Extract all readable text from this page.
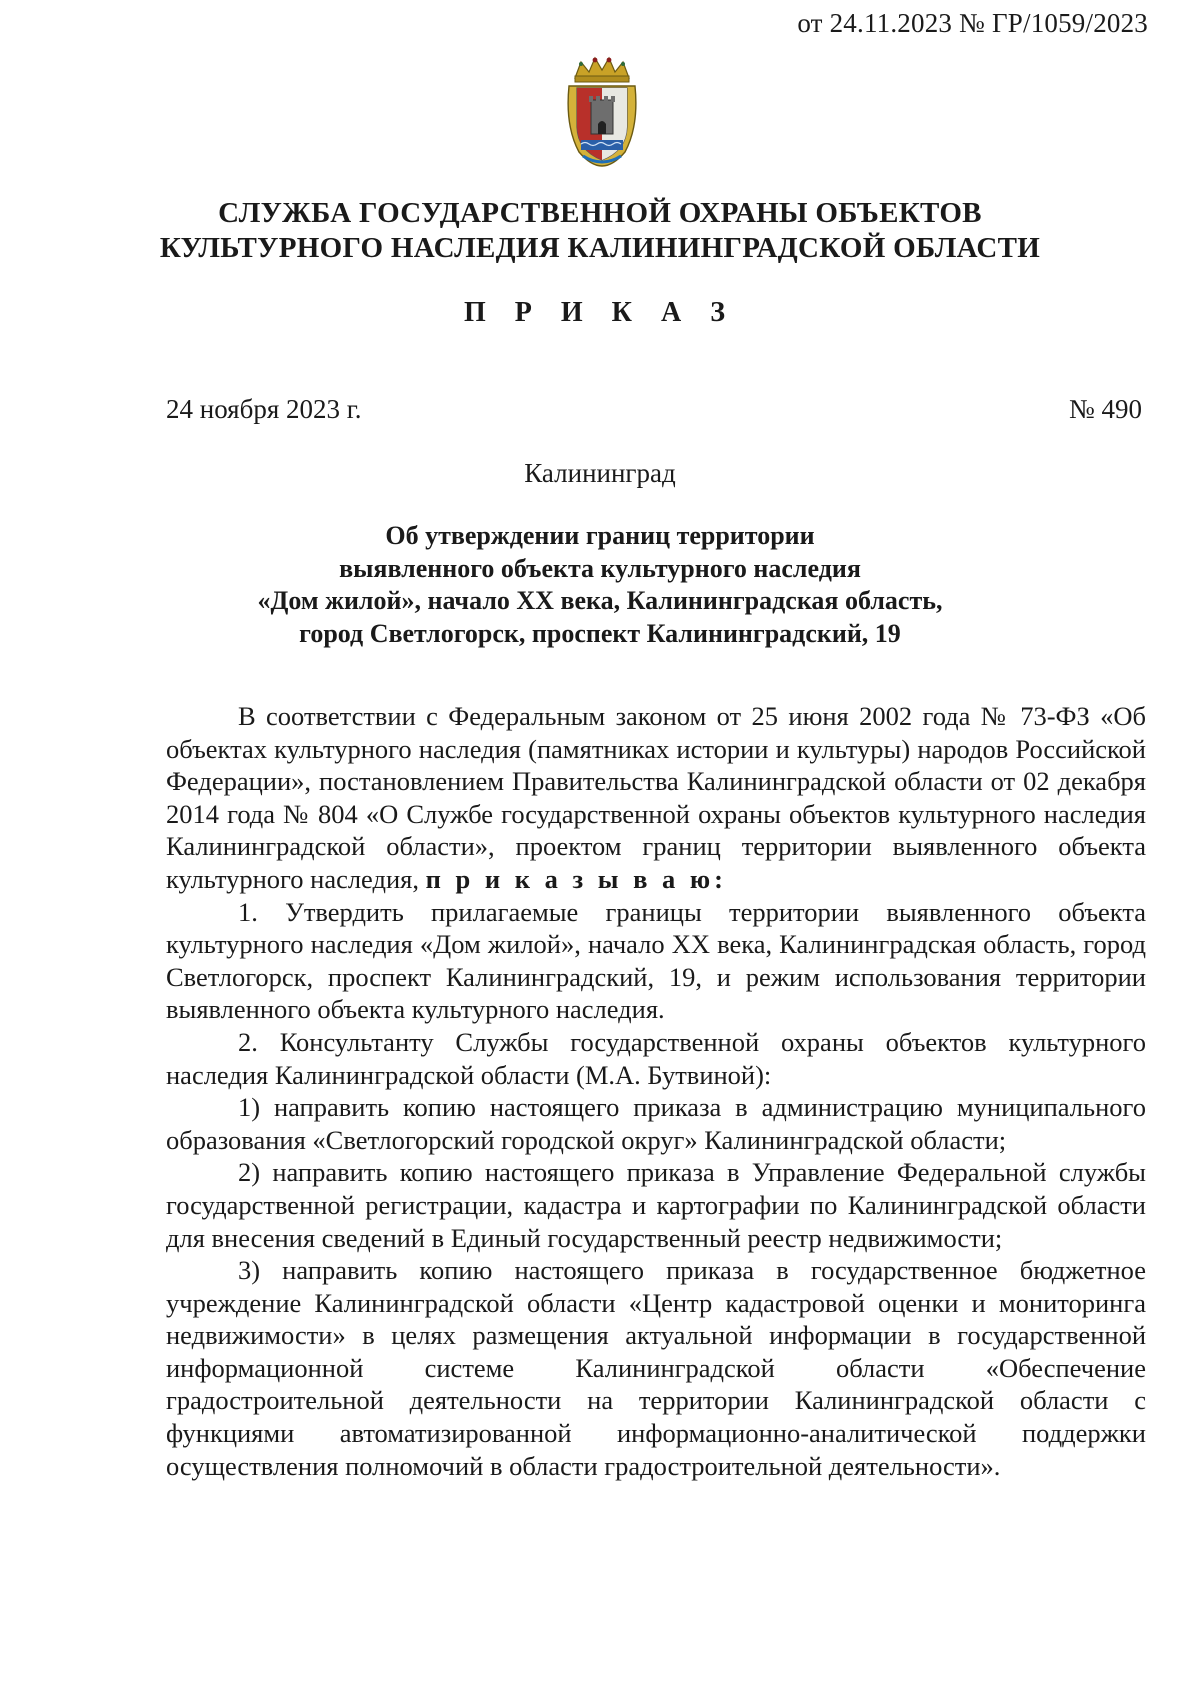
от 24.11.2023 № ГР/1059/2023
СЛУЖБА ГОСУДАРСТВЕННОЙ ОХРАНЫ ОБЪЕКТОВ
КУЛЬТУРНОГО НАСЛЕДИЯ КАЛИНИНГРАДСКОЙ ОБЛАСТИ
П Р И К А З
24 ноября 2023 г.	№ 490
Калининград
Об утверждении границ территории
выявленного объекта культурного наследия
«Дом жилой», начало XX века, Калининградская область,
город Светлогорск, проспект Калининградский, 19

В соответствии с Федеральным законом от 25 июня 2002 года № 73-ФЗ «Об объектах культурного наследия (памятниках истории и культуры) народов Российской Федерации», постановлением Правительства Калининградской области от 02 декабря 2014 года № 804 «О Службе государственной охраны объектов культурного наследия Калининградской области», проектом границ территории выявленного объекта культурного наследия, п р и к а з ы в а ю:

1. Утвердить прилагаемые границы территории выявленного объекта культурного наследия «Дом жилой», начало XX века, Калининградская область, город Светлогорск, проспект Калининградский, 19, и режим использования территории выявленного объекта культурного наследия.

2. Консультанту Службы государственной охраны объектов культурного наследия Калининградской области (М.А. Бутвиной):

1) направить копию настоящего приказа в администрацию муниципального образования «Светлогорский городской округ» Калининградской области;

2) направить копию настоящего приказа в Управление Федеральной службы государственной регистрации, кадастра и картографии по Калининградской области для внесения сведений в Единый государственный реестр недвижимости;

3) направить копию настоящего приказа в государственное бюджетное учреждение Калининградской области «Центр кадастровой оценки и мониторинга недвижимости» в целях размещения актуальной информации в государственной информационной системе Калининградской области «Обеспечение градостроительной деятельности на территории Калининградской области с функциями автоматизированной информационно-аналитической поддержки осуществления полномочий в области градостроительной деятельности».
